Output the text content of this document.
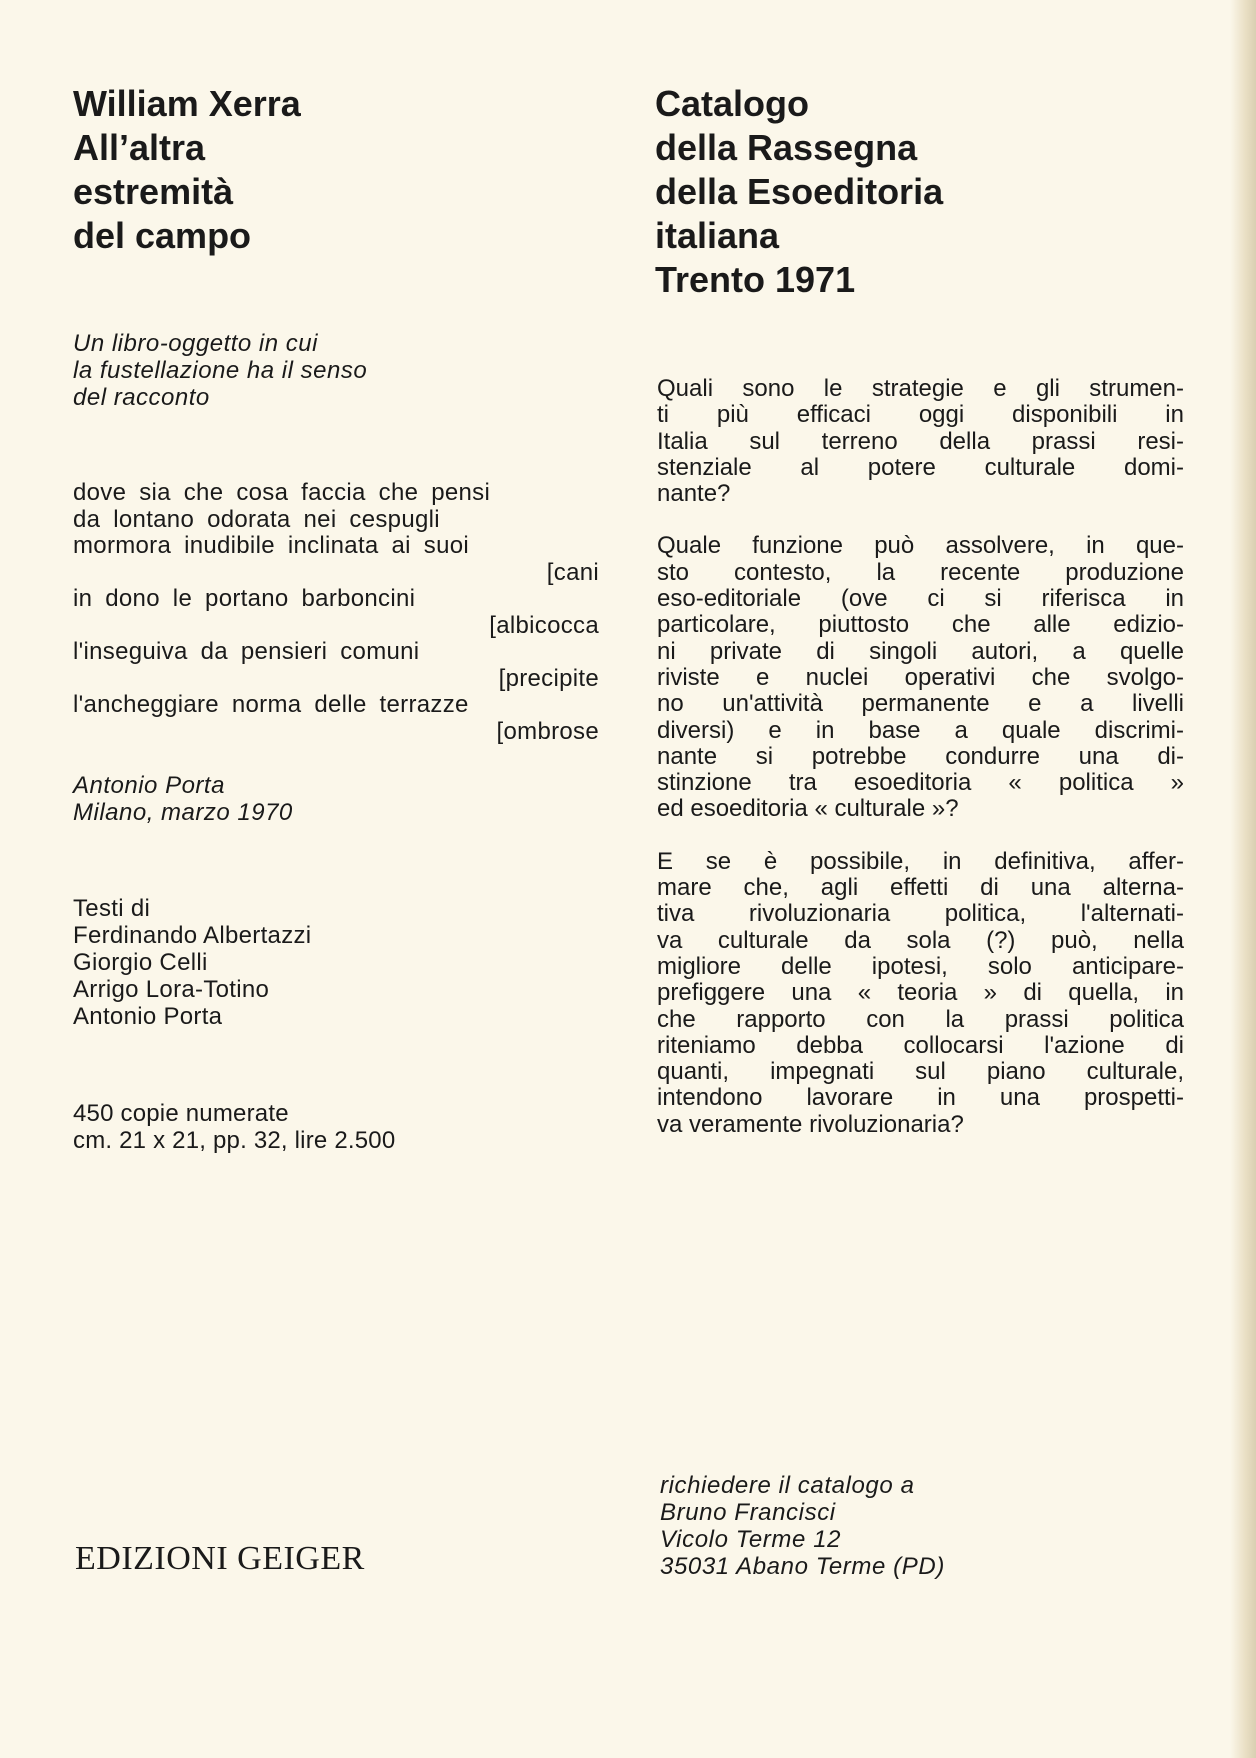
William Xerra
All’altra
estremità
del campo
Un libro-oggetto in cui
la fustellazione ha il senso
del racconto
dove sia che cosa faccia che pensi
da lontano odorata nei cespugli
mormora inudibile inclinata ai suoi
[cani
in dono le portano barboncini
[albicocca
l'inseguiva da pensieri comuni
[precipite
l'ancheggiare norma delle terrazze
[ombrose
Antonio Porta
Milano, marzo 1970
Testi di
Ferdinando Albertazzi
Giorgio Celli
Arrigo Lora-Totino
Antonio Porta
450 copie numerate
cm. 21 x 21, pp. 32, lire 2.500
EDIZIONI GEIGER
Catalogo
della Rassegna
della Esoeditoria
italiana
Trento 1971

Quali sono le strategie e gli strumen-
ti più efficaci oggi disponibili in
Italia sul terreno della prassi resi-
stenziale al potere culturale domi-
nante?

Quale funzione può assolvere, in que-
sto contesto, la recente produzione
eso-editoriale (ove ci si riferisca in
particolare, piuttosto che alle edizio-
ni private di singoli autori, a quelle
riviste e nuclei operativi che svolgo-
no un'attività permanente e a livelli
diversi) e in base a quale discrimi-
nante si potrebbe condurre una di-
stinzione tra esoeditoria « politica »
ed esoeditoria « culturale »?

E se è possibile, in definitiva, affer-
mare che, agli effetti di una alterna-
tiva rivoluzionaria politica, l'alternati-
va culturale da sola (?) può, nella
migliore delle ipotesi, solo anticipare-
prefiggere una « teoria » di quella, in
che rapporto con la prassi politica
riteniamo debba collocarsi l'azione di
quanti, impegnati sul piano culturale,
intendono lavorare in una prospetti-
va veramente rivoluzionaria?

richiedere il catalogo a
Bruno Francisci
Vicolo Terme 12
35031 Abano Terme (PD)
